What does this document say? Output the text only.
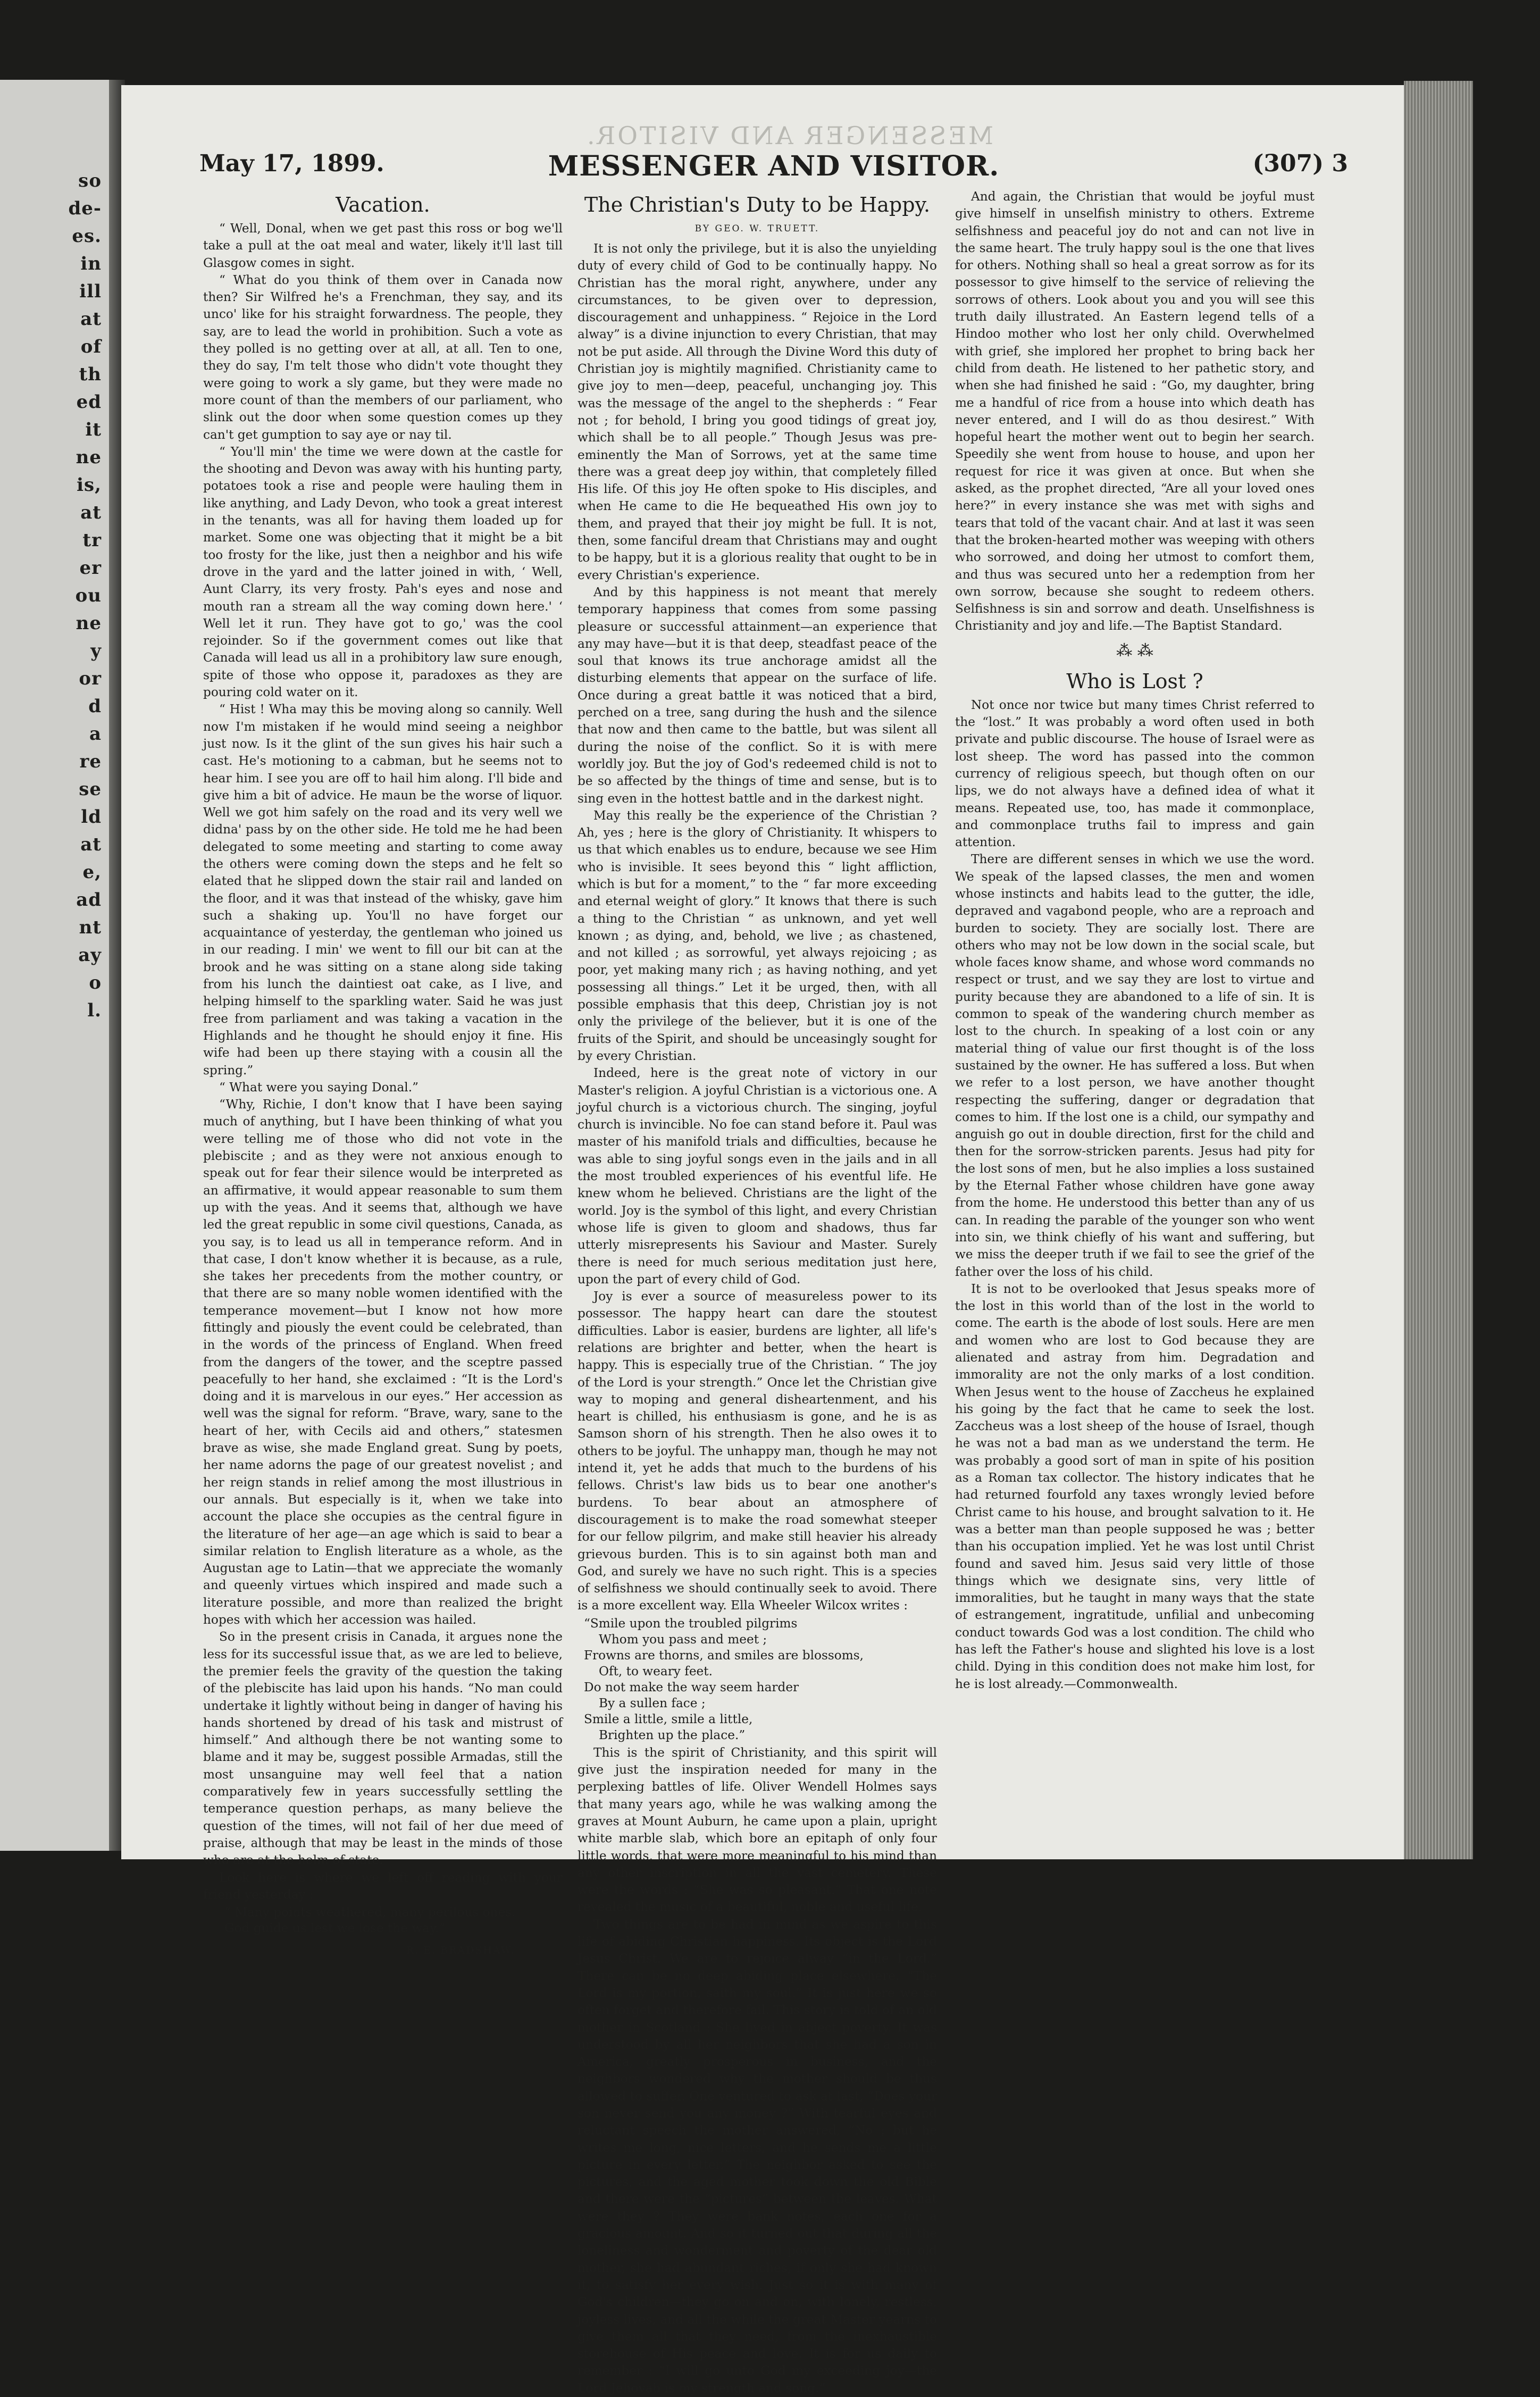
so
de-
es.
in
ill
at
of
th
ed
it
ne
is,
at
tr
er
ou
ne
y
or
d
a
re
se
ld
at
e,
ad
nt
ay
o
l.
MESSENGER AND VISITOR.
MESSENGER AND VISITOR.
May 17, 1899.	(307) 3
Vacation.

“ Well, Donal, when we get past this ross or bog we'll take a pull at the oat meal and water, likely it'll last till Glasgow comes in sight.

“ What do you think of them over in Canada now then? Sir Wilfred he's a Frenchman, they say, and its unco' like for his straight forwardness. The people, they say, are to lead the world in prohibition. Such a vote as they polled is no getting over at all, at all. Ten to one, they do say, I'm telt those who didn't vote thought they were going to work a sly game, but they were made no more count of than the members of our parliament, who slink out the door when some question comes up they can't get gumption to say aye or nay til.

“ You'll min' the time we were down at the castle for the shooting and Devon was away with his hunting party, potatoes took a rise and people were hauling them in like anything, and Lady Devon, who took a great interest in the tenants, was all for having them loaded up for market. Some one was objecting that it might be a bit too frosty for the like, just then a neighbor and his wife drove in the yard and the latter joined in with, ‘ Well, Aunt Clarry, its very frosty. Pah's eyes and nose and mouth ran a stream all the way coming down here.' ‘ Well let it run. They have got to go,' was the cool rejoinder. So if the government comes out like that Canada will lead us all in a prohibitory law sure enough, spite of those who oppose it, paradoxes as they are pouring cold water on it.

“ Hist ! Wha may this be moving along so cannily. Well now I'm mistaken if he would mind seeing a neighbor just now. Is it the glint of the sun gives his hair such a cast. He's motioning to a cabman, but he seems not to hear him. I see you are off to hail him along. I'll bide and give him a bit of advice. He maun be the worse of liquor. Well we got him safely on the road and its very well we didna' pass by on the other side. He told me he had been delegated to some meeting and starting to come away the others were coming down the steps and he felt so elated that he slipped down the stair rail and landed on the floor, and it was that instead of the whisky, gave him such a shaking up. You'll no have forget our acquaintance of yesterday, the gentleman who joined us in our reading. I min' we went to fill our bit can at the brook and he was sitting on a stane along side taking from his lunch the daintiest oat cake, as I live, and helping himself to the sparkling water. Said he was just free from parliament and was taking a vacation in the Highlands and he thought he should enjoy it fine. His wife had been up there staying with a cousin all the spring.”

“ What were you saying Donal.”

“Why, Richie, I don't know that I have been saying much of anything, but I have been thinking of what you were telling me of those who did not vote in the plebiscite ; and as they were not anxious enough to speak out for fear their silence would be interpreted as an affirmative, it would appear reasonable to sum them up with the yeas. And it seems that, although we have led the great republic in some civil questions, Canada, as you say, is to lead us all in temperance reform. And in that case, I don't know whether it is because, as a rule, she takes her precedents from the mother country, or that there are so many noble women identified with the temperance movement—but I know not how more fittingly and piously the event could be celebrated, than in the words of the princess of England. When freed from the dangers of the tower, and the sceptre passed peacefully to her hand, she exclaimed : “It is the Lord's doing and it is marvelous in our eyes.” Her accession as well was the signal for reform. “Brave, wary, sane to the heart of her, with Cecils aid and others,” statesmen brave as wise, she made England great. Sung by poets, her name adorns the page of our greatest novelist ; and her reign stands in relief among the most illustrious in our annals. But especially is it, when we take into account the place she occupies as the central figure in the literature of her age—an age which is said to bear a similar relation to English literature as a whole, as the Augustan age to Latin—that we appreciate the womanly and queenly virtues which inspired and made such a literature possible, and more than realized the bright hopes with which her accession was hailed.

So in the present crisis in Canada, it argues none the less for its successful issue that, as we are led to believe, the premier feels the gravity of the question the taking of the plebiscite has laid upon his hands. “No man could undertake it lightly without being in danger of having his hands shortened by dread of his task and mistrust of himself.” And although there be not wanting some to blame and it may be, suggest possible Armadas, still the most unsanguine may well feel that a nation comparatively few in years successfully settling the temperance question perhaps, as many believe the question of the times, will not fail of her due meed of praise, although that may be least in the minds of those who are at the helm of state.

Look here is where we left off reading with your friend yesterday :

“ Many points weathered, many perilous ones.
God guide us lest we lose the way.”
R. E. BRADSHAW.
The Christian's Duty to be Happy.
BY GEO. W. TRUETT.

It is not only the privilege, but it is also the unyielding duty of every child of God to be continually happy. No Christian has the moral right, anywhere, under any circumstances, to be given over to depression, discouragement and unhappiness. “ Rejoice in the Lord alway” is a divine injunction to every Christian, that may not be put aside. All through the Divine Word this duty of Christian joy is mightily magnified. Christianity came to give joy to men—deep, peaceful, unchanging joy. This was the message of the angel to the shepherds : “ Fear not ; for behold, I bring you good tidings of great joy, which shall be to all people.” Though Jesus was pre-eminently the Man of Sorrows, yet at the same time there was a great deep joy within, that completely filled His life. Of this joy He often spoke to His disciples, and when He came to die He bequeathed His own joy to them, and prayed that their joy might be full. It is not, then, some fanciful dream that Christians may and ought to be happy, but it is a glorious reality that ought to be in every Christian's experience.

And by this happiness is not meant that merely temporary happiness that comes from some passing pleasure or successful attainment—an experience that any may have—but it is that deep, steadfast peace of the soul that knows its true anchorage amidst all the disturbing elements that appear on the surface of life. Once during a great battle it was noticed that a bird, perched on a tree, sang during the hush and the silence that now and then came to the battle, but was silent all during the noise of the conflict. So it is with mere worldly joy. But the joy of God's redeemed child is not to be so affected by the things of time and sense, but is to sing even in the hottest battle and in the darkest night.

May this really be the experience of the Christian ? Ah, yes ; here is the glory of Christianity. It whispers to us that which enables us to endure, because we see Him who is invisible. It sees beyond this “ light affliction, which is but for a moment,” to the “ far more exceeding and eternal weight of glory.” It knows that there is such a thing to the Christian “ as unknown, and yet well known ; as dying, and, behold, we live ; as chastened, and not killed ; as sorrowful, yet always rejoicing ; as poor, yet making many rich ; as having nothing, and yet possessing all things.” Let it be urged, then, with all possible emphasis that this deep, Christian joy is not only the privilege of the believer, but it is one of the fruits of the Spirit, and should be unceasingly sought for by every Christian.

Indeed, here is the great note of victory in our Master's religion. A joyful Christian is a victorious one. A joyful church is a victorious church. The singing, joyful church is invincible. No foe can stand before it. Paul was master of his manifold trials and difficulties, because he was able to sing joyful songs even in the jails and in all the most troubled experiences of his eventful life. He knew whom he believed. Christians are the light of the world. Joy is the symbol of this light, and every Christian whose life is given to gloom and shadows, thus far utterly misrepresents his Saviour and Master. Surely there is need for much serious meditation just here, upon the part of every child of God.

Joy is ever a source of measureless power to its possessor. The happy heart can dare the stoutest difficulties. Labor is easier, burdens are lighter, all life's relations are brighter and better, when the heart is happy. This is especially true of the Christian. “ The joy of the Lord is your strength.” Once let the Christian give way to moping and general disheartenment, and his heart is chilled, his enthusiasm is gone, and he is as Samson shorn of his strength. Then he also owes it to others to be joyful. The unhappy man, though he may not intend it, yet he adds that much to the burdens of his fellows. Christ's law bids us to bear one another's burdens. To bear about an atmosphere of discouragement is to make the road somewhat steeper for our fellow pilgrim, and make still heavier his already grievous burden. This is to sin against both man and God, and surely we have no such right. This is a species of selfishness we should continually seek to avoid. There is a more excellent way. Ella Wheeler Wilcox writes :

“Smile upon the troubled pilgrims
Whom you pass and meet ;
Frowns are thorns, and smiles are blossoms,
Oft, to weary feet.
Do not make the way seem harder
By a sullen face ;
Smile a little, smile a little,
Brighten up the place.”

This is the spirit of Christianity, and this spirit will give just the inspiration needed for many in the perplexing battles of life. Oliver Wendell Holmes says that many years ago, while he was walking among the graves at Mount Auburn, he came upon a plain, upright white marble slab, which bore an epitaph of only four little words, that were more meaningful to his mind than any other inscription in all the vast cemetery. These were the words : “She was so pleasant.” That one note revealed the music of a beautiful, noble and useful life.

Two things are to be had in mind as we aspire to this life of abiding Christian happiness. Its object is the Lord Jesus Christ. We are to rejoice alway “in the Lord.” There can be no deep abiding place elsewhere. “The Lord is my portion, saith my soul.” It is just here we so often forget and therefore fail. This story is told of an old mother in Scotland : She lived in abject poverty. It was understood by all her neighbors that she had a son in America, greatly prosperous in business, and the neighbors wondered why the mother should be thus allowed to suffer. One ventured to ask at last, “Does your son never send you any money ?” With tearful eyes and reluctant speech the mother answered, “No ; but he writes me long, nice letters, and he sends me a little picture in every letter.” The neighbor asked to see the pictures, and the aged mother took down the old Bible and there were the “pictures” between the leaves. What were they ? They were bank notes, each one for a gracious amount. And so it turned out that during all the loneliness and wonderment and poverty of the dear old mother, she had abundant riches, if only she had known it, to satisfy her every wish. Just so it is with many of God's children—they go on and on, with lonely, restless, joyless lives, and all the while the great Master yearns to give them all that they need, from the inexhaustible storehouse of His peace and love. It is for us daily to remember : “I will go unto God my exceeding joy—the Lord Jehovah is my strength and song.”

And again, the Christian that would be joyful must give himself in unselfish ministry to others. Extreme selfishness and peaceful joy do not and can not live in the same heart. The truly happy soul is the one that lives for others. Nothing shall so heal a great sorrow as for its possessor to give himself to the service of relieving the sorrows of others. Look about you and you will see this truth daily illustrated. An Eastern legend tells of a Hindoo mother who lost her only child. Overwhelmed with grief, she implored her prophet to bring back her child from death. He listened to her pathetic story, and when she had finished he said : “Go, my daughter, bring me a handful of rice from a house into which death has never entered, and I will do as thou desirest.” With hopeful heart the mother went out to begin her search. Speedily she went from house to house, and upon her request for rice it was given at once. But when she asked, as the prophet directed, “Are all your loved ones here?” in every instance she was met with sighs and tears that told of the vacant chair. And at last it was seen that the broken-hearted mother was weeping with others who sorrowed, and doing her utmost to comfort them, and thus was secured unto her a redemption from her own sorrow, because she sought to redeem others. Selfishness is sin and sorrow and death. Unselfishness is Christianity and joy and life.—The Baptist Standard.

⁂ ⁂
Who is Lost ?

Not once nor twice but many times Christ referred to the “lost.” It was probably a word often used in both private and public discourse. The house of Israel were as lost sheep. The word has passed into the common currency of religious speech, but though often on our lips, we do not always have a defined idea of what it means. Repeated use, too, has made it commonplace, and commonplace truths fail to impress and gain attention.

There are different senses in which we use the word. We speak of the lapsed classes, the men and women whose instincts and habits lead to the gutter, the idle, depraved and vagabond people, who are a reproach and burden to society. They are socially lost. There are others who may not be low down in the social scale, but whole faces know shame, and whose word commands no respect or trust, and we say they are lost to virtue and purity because they are abandoned to a life of sin. It is common to speak of the wandering church member as lost to the church. In speaking of a lost coin or any material thing of value our first thought is of the loss sustained by the owner. He has suffered a loss. But when we refer to a lost person, we have another thought respecting the suffering, danger or degradation that comes to him. If the lost one is a child, our sympathy and anguish go out in double direction, first for the child and then for the sorrow-stricken parents. Jesus had pity for the lost sons of men, but he also implies a loss sustained by the Eternal Father whose children have gone away from the home. He understood this better than any of us can. In reading the parable of the younger son who went into sin, we think chiefly of his want and suffering, but we miss the deeper truth if we fail to see the grief of the father over the loss of his child.

It is not to be overlooked that Jesus speaks more of the lost in this world than of the lost in the world to come. The earth is the abode of lost souls. Here are men and women who are lost to God because they are alienated and astray from him. Degradation and immorality are not the only marks of a lost condition. When Jesus went to the house of Zaccheus he explained his going by the fact that he came to seek the lost. Zaccheus was a lost sheep of the house of Israel, though he was not a bad man as we understand the term. He was probably a good sort of man in spite of his position as a Roman tax collector. The history indicates that he had returned fourfold any taxes wrongly levied before Christ came to his house, and brought salvation to it. He was a better man than people supposed he was ; better than his occupation implied. Yet he was lost until Christ found and saved him. Jesus said very little of those things which we designate sins, very little of immoralities, but he taught in many ways that the state of estrangement, ingratitude, unfilial and unbecoming conduct towards God was a lost condition. The child who has left the Father's house and slighted his love is a lost child. Dying in this condition does not make him lost, for he is lost already.—Commonwealth.
